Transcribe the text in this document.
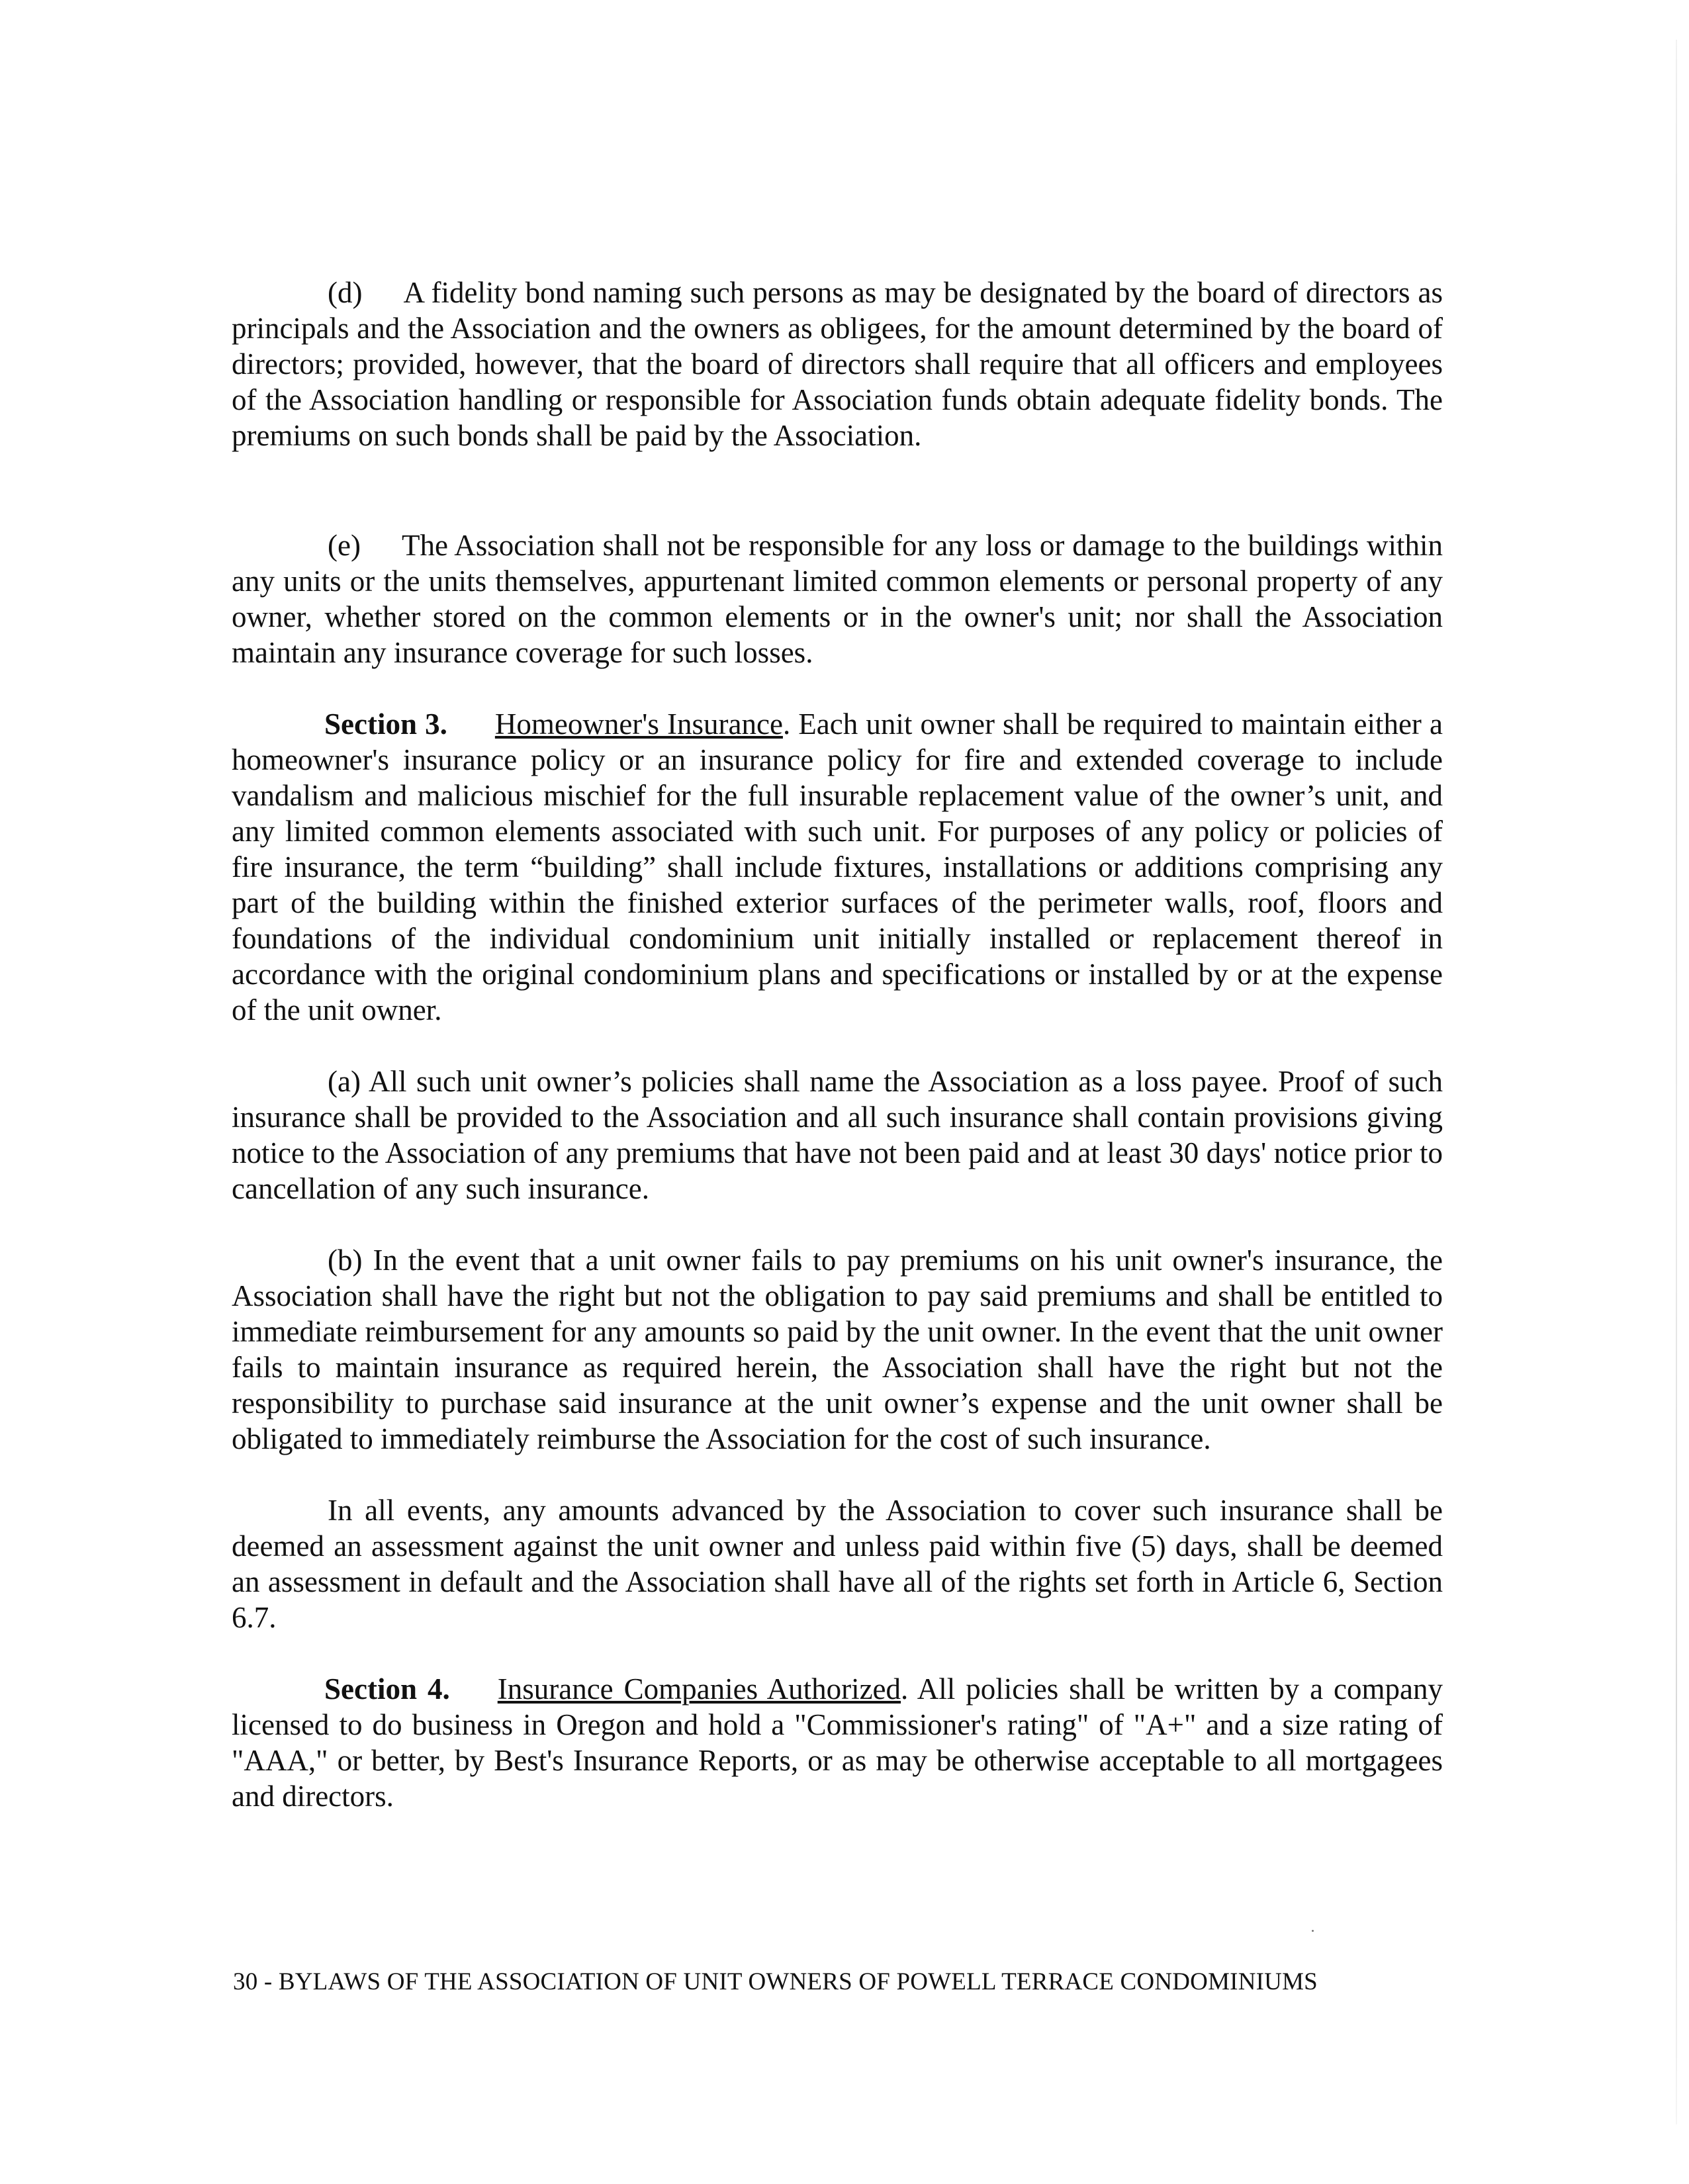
(d) A fidelity bond naming such persons as may be designated by the board of directors as principals and the Association and the owners as obligees, for the amount determined by the board of directors; provided, however, that the board of directors shall require that all officers and employees of the Association handling or responsible for Association funds obtain adequate fidelity bonds. The premiums on such bonds shall be paid by the Association.

(e) The Association shall not be responsible for any loss or damage to the buildings within any units or the units themselves, appurtenant limited common elements or personal property of any owner, whether stored on the common elements or in the owner's unit; nor shall the Association maintain any insurance coverage for such losses.

Section 3. Homeowner's Insurance. Each unit owner shall be required to maintain either a homeowner's insurance policy or an insurance policy for fire and extended coverage to include vandalism and malicious mischief for the full insurable replacement value of the owner’s unit, and any limited common elements associated with such unit. For purposes of any policy or policies of fire insurance, the term “building” shall include fixtures, installations or additions comprising any part of the building within the finished exterior surfaces of the perimeter walls, roof, floors and foundations of the individual condominium unit initially installed or replacement thereof in accordance with the original condominium plans and specifications or installed by or at the expense of the unit owner.

(a) All such unit owner’s policies shall name the Association as a loss payee. Proof of such insurance shall be provided to the Association and all such insurance shall contain provisions giving notice to the Association of any premiums that have not been paid and at least 30 days' notice prior to cancellation of any such insurance.

(b) In the event that a unit owner fails to pay premiums on his unit owner's insurance, the Association shall have the right but not the obligation to pay said premiums and shall be entitled to immediate reimbursement for any amounts so paid by the unit owner. In the event that the unit owner fails to maintain insurance as required herein, the Association shall have the right but not the responsibility to purchase said insurance at the unit owner’s expense and the unit owner shall be obligated to immediately reimburse the Association for the cost of such insurance.

In all events, any amounts advanced by the Association to cover such insurance shall be deemed an assessment against the unit owner and unless paid within five (5) days, shall be deemed an assessment in default and the Association shall have all of the rights set forth in Article 6, Section 6.7.

Section 4. Insurance Companies Authorized. All policies shall be written by a company licensed to do business in Oregon and hold a "Commissioner's rating" of "A+" and a size rating of "AAA," or better, by Best's Insurance Reports, or as may be otherwise acceptable to all mortgagees and directors.

30 - BYLAWS OF THE ASSOCIATION OF UNIT OWNERS OF POWELL TERRACE CONDOMINIUMS
